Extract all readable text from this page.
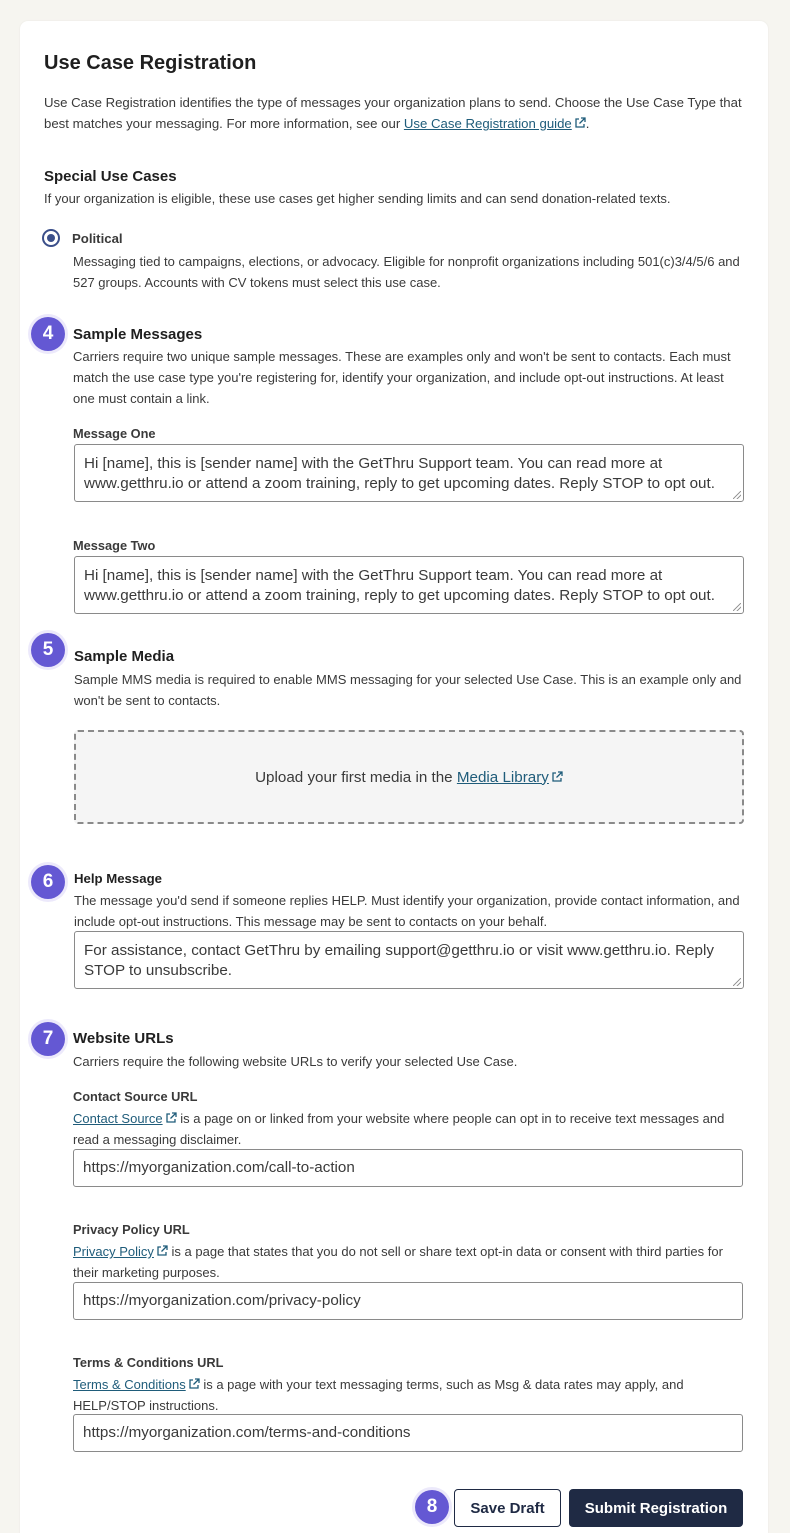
Use Case Registration
Use Case Registration identifies the type of messages your organization plans to send. Choose the Use Case Type that
best matches your messaging. For more information, see our Use Case Registration guide .
Special Use Cases
If your organization is eligible, these use cases get higher sending limits and can send donation-related texts.
Political
Messaging tied to campaigns, elections, or advocacy. Eligible for nonprofit organizations including 501(c)3/4/5/6 and 527 groups. Accounts with CV tokens must select this use case.
4	Sample Messages
Carriers require two unique sample messages. These are examples only and won't be sent to contacts. Each must match the use case type you're registering for, identify your organization, and include opt-out instructions. At least one must contain a link.
Message One
Hi [name], this is [sender name] with the GetThru Support team. You can read more at www.getthru.io or attend a zoom training, reply to get upcoming dates. Reply STOP to opt out.
Message Two
Hi [name], this is [sender name] with the GetThru Support team. You can read more at www.getthru.io or attend a zoom training, reply to get upcoming dates. Reply STOP to opt out.
5	Sample Media
Sample MMS media is required to enable MMS messaging for your selected Use Case. This is an example only and won't be sent to contacts.
Upload your first media in the
Media Library
6	Help Message
The message you'd send if someone replies HELP. Must identify your organization, provide contact information, and include opt-out instructions. This message may be sent to contacts on your behalf.
For assistance, contact GetThru by emailing support@getthru.io or visit www.getthru.io. Reply STOP to unsubscribe.
7	Website URLs
Carriers require the following website URLs to verify your selected Use Case.
Contact Source URL
Contact Source is a page on or linked from your website where people can opt in to receive text messages and read a messaging disclaimer.
https://myorganization.com/call-to-action
Privacy Policy URL
Privacy Policy is a page that states that you do not sell or share text opt-in data or consent with third parties for their marketing purposes.
https://myorganization.com/privacy-policy
Terms & Conditions URL
Terms & Conditions is a page with your text messaging terms, such as Msg & data rates may apply, and HELP/STOP instructions.
https://myorganization.com/terms-and-conditions
8	Save Draft	Submit Registration
